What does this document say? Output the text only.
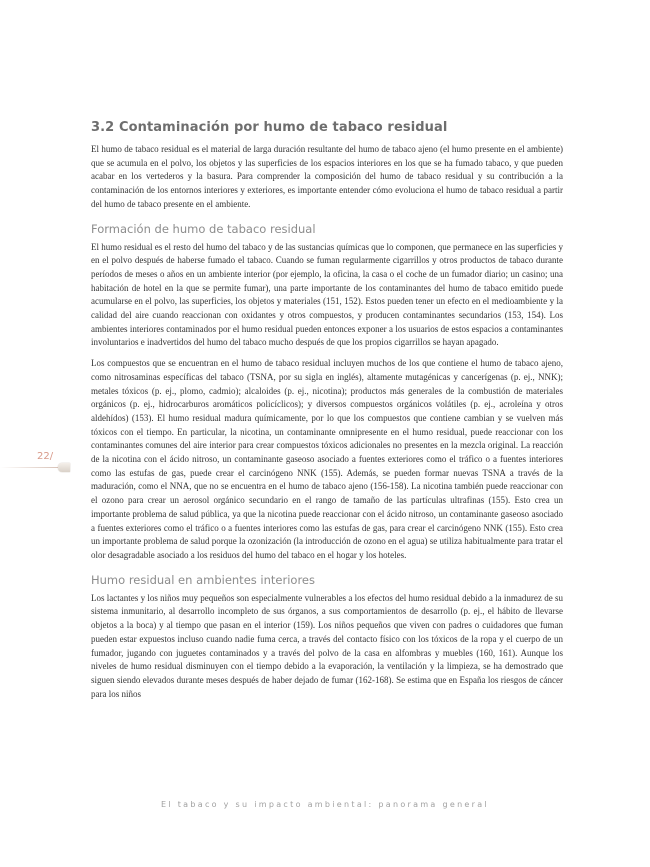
3.2 Contaminación por humo de tabaco residual

El humo de tabaco residual es el material de larga duración resultante del humo de tabaco ajeno (el humo presente en el ambiente) que se acumula en el polvo, los objetos y las superficies de los espacios interiores en los que se ha fumado tabaco, y que pueden acabar en los vertederos y la basura. Para comprender la composición del humo de tabaco residual y su contribución a la contaminación de los entornos interiores y exteriores, es importante entender cómo evoluciona el humo de tabaco residual a partir del humo de tabaco presente en el ambiente.

Formación de humo de tabaco residual

El humo residual es el resto del humo del tabaco y de las sustancias químicas que lo componen, que permanece en las superficies y en el polvo después de haberse fumado el tabaco. Cuando se fuman regularmente cigarrillos y otros productos de tabaco durante períodos de meses o años en un ambiente interior (por ejemplo, la oficina, la casa o el coche de un fumador diario; un casino; una habitación de hotel en la que se permite fumar), una parte importante de los contaminantes del humo de tabaco emitido puede acumularse en el polvo, las superficies, los objetos y materiales (151, 152). Estos pueden tener un efecto en el medioambiente y la calidad del aire cuando reaccionan con oxidantes y otros compuestos, y producen contaminantes secundarios (153, 154). Los ambientes interiores contaminados por el humo residual pueden entonces exponer a los usuarios de estos espacios a contaminantes involuntarios e inadvertidos del humo del tabaco mucho después de que los propios cigarrillos se hayan apagado.

Los compuestos que se encuentran en el humo de tabaco residual incluyen muchos de los que contiene el humo de tabaco ajeno, como nitrosaminas específicas del tabaco (TSNA, por su sigla en inglés), altamente mutagénicas y cancerígenas (p. ej., NNK); metales tóxicos (p. ej., plomo, cadmio); alcaloides (p. ej., nicotina); productos más generales de la combustión de materiales orgánicos (p. ej., hidrocarburos aromáticos policíclicos); y diversos compuestos orgánicos volátiles (p. ej., acroleína y otros aldehídos) (153). El humo residual madura químicamente, por lo que los compuestos que contiene cambian y se vuelven más tóxicos con el tiempo. En particular, la nicotina, un contaminante omnipresente en el humo residual, puede reaccionar con los contaminantes comunes del aire interior para crear compuestos tóxicos adicionales no presentes en la mezcla original. La reacción de la nicotina con el ácido nitroso, un contaminante gaseoso asociado a fuentes exteriores como el tráfico o a fuentes interiores como las estufas de gas, puede crear el carcinógeno NNK (155). Además, se pueden formar nuevas TSNA a través de la maduración, como el NNA, que no se encuentra en el humo de tabaco ajeno (156-158). La nicotina también puede reaccionar con el ozono para crear un aerosol orgánico secundario en el rango de tamaño de las partículas ultrafinas (155). Esto crea un importante problema de salud pública, ya que la nicotina puede reaccionar con el ácido nitroso, un contaminante gaseoso asociado a fuentes exteriores como el tráfico o a fuentes interiores como las estufas de gas, para crear el carcinógeno NNK (155). Esto crea un importante problema de salud porque la ozonización (la introducción de ozono en el agua) se utiliza habitualmente para tratar el olor desagradable asociado a los residuos del humo del tabaco en el hogar y los hoteles.

Humo residual en ambientes interiores

Los lactantes y los niños muy pequeños son especialmente vulnerables a los efectos del humo residual debido a la inmadurez de su sistema inmunitario, al desarrollo incompleto de sus órganos, a sus comportamientos de desarrollo (p. ej., el hábito de llevarse objetos a la boca) y al tiempo que pasan en el interior (159). Los niños pequeños que viven con padres o cuidadores que fuman pueden estar expuestos incluso cuando nadie fuma cerca, a través del contacto físico con los tóxicos de la ropa y el cuerpo de un fumador, jugando con juguetes contaminados y a través del polvo de la casa en alfombras y muebles (160, 161). Aunque los niveles de humo residual disminuyen con el tiempo debido a la evaporación, la ventilación y la limpieza, se ha demostrado que siguen siendo elevados durante meses después de haber dejado de fumar (162-168). Se estima que en España los riesgos de cáncer para los niños

22/
El tabaco y su impacto ambiental: panorama general
